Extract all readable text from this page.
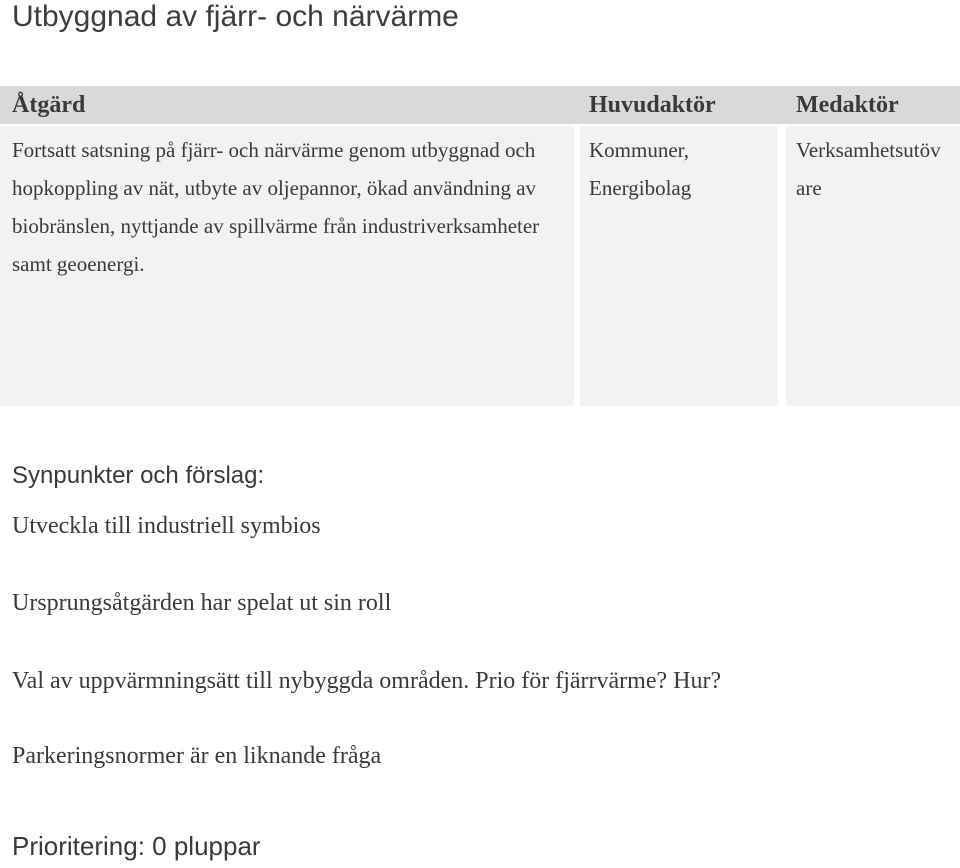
Utbyggnad av fjärr- och närvärme
Åtgärd	Huvudaktör	Medaktör
Fortsatt satsning på fjärr- och närvärme genom utbyggnad och hopkoppling av nät, utbyte av oljepannor, ökad användning av biobränslen, nyttjande av spillvärme från industriverksamheter samt geoenergi.
Kommuner, Energibolag
Verksamhetsutövare
Synpunkter och förslag:
Utveckla till industriell symbios
Ursprungsåtgärden har spelat ut sin roll
Val av uppvärmningsätt till nybyggda områden. Prio för fjärrvärme? Hur?
Parkeringsnormer är en liknande fråga
Prioritering: 0 pluppar
